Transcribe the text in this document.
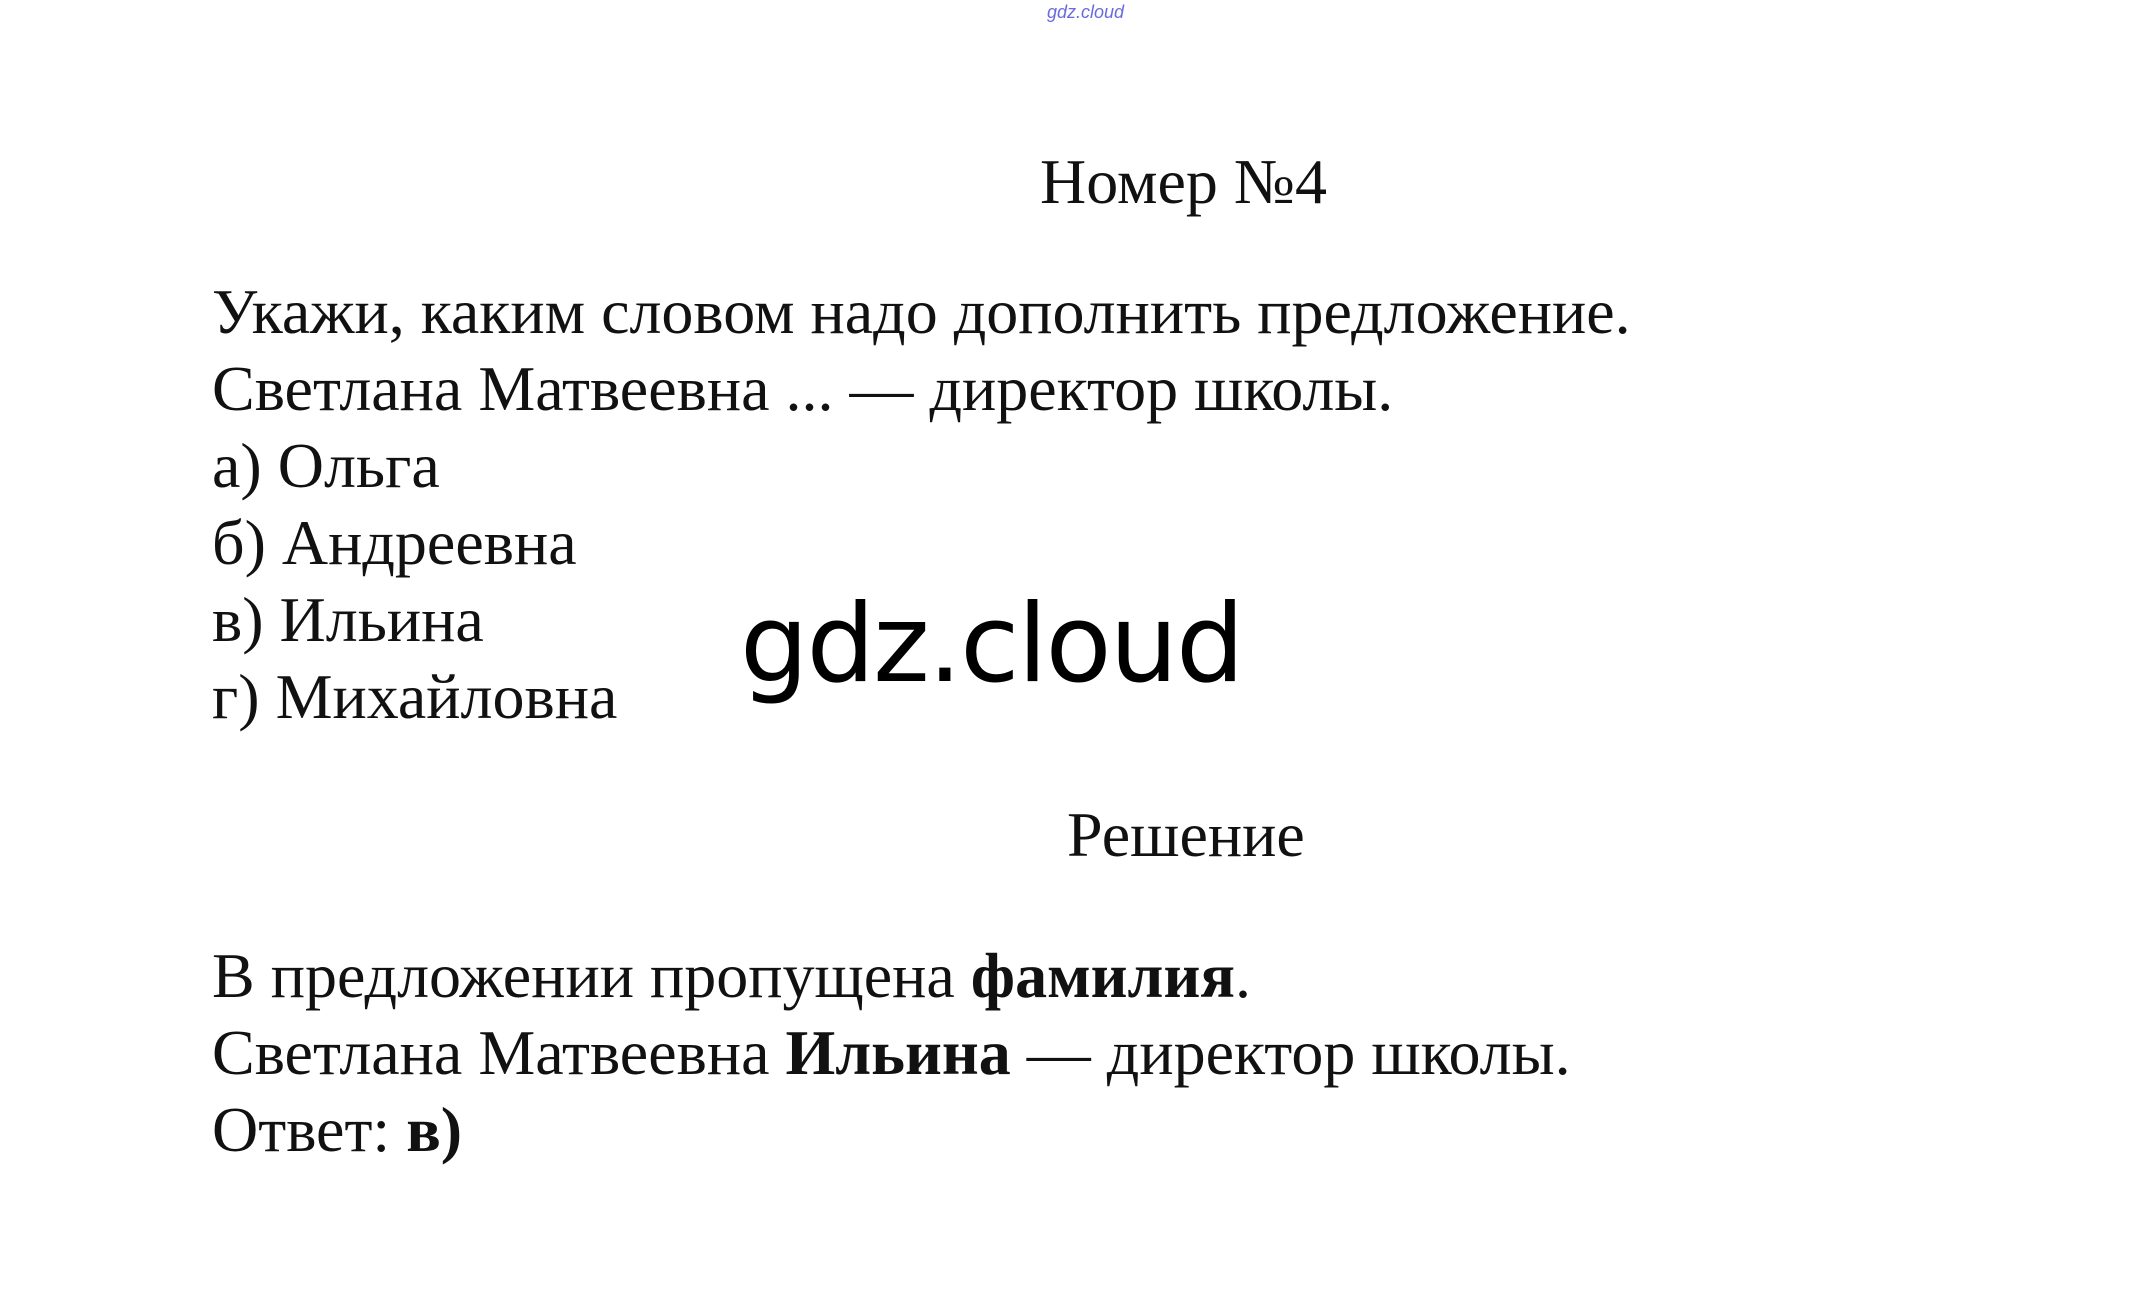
gdz.cloud
Номер №4
Укажи, каким словом надо дополнить предложение.
Светлана Матвеевна ... — директор школы.
а) Ольга
б) Андреевна
в) Ильина
г) Михайловна	gdz.cloud
Решение
В предложении пропущена фамилия.
Светлана Матвеевна Ильина — директор школы.
Ответ: в)
